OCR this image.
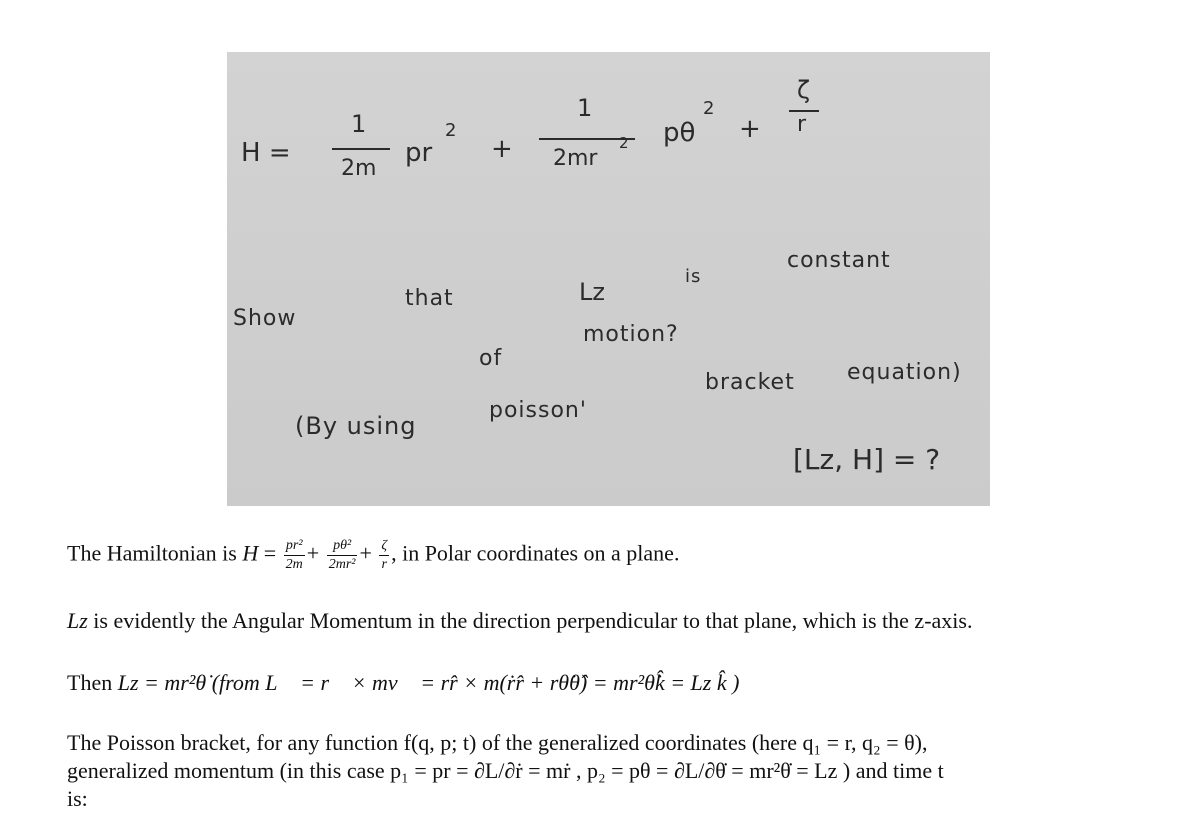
H =
1
2m
pr
2
+
1
2mr
2 pθ
2
+
ζ
r
Show
that	Lz
is
constant
of
motion?
(By using
poisson'
bracket equation)
[Lz, H] = ?
The Hamiltonian is $H = \frac{\text{pr²}}{2m} + \frac{\text{pθ²}}{\text{2mr²}} + \frac{\zeta}{r}$ , in Polar coordinates on a plane.
Lz is evidently the Angular Momentum in the direction perpendicular to that plane, which is the z-axis.
Then Lz = mr²θ̇ (from L⃗ = r⃗ × mv⃗ = rr̂ × m(ṙr̂ + rθ̇θ̂) = mr²θ̇k̂ = Lz k̂ )
The Poisson bracket, for any function f(q, p; t) of the generalized coordinates (here q₁ = r, q₂ = θ),
generalized momentum (in this case p₁ = pr = ∂L/∂ṙ = mṙ , p₂ = pθ = ∂L/∂θ̇ = mr²θ̇ = Lz ) and time t
is:
